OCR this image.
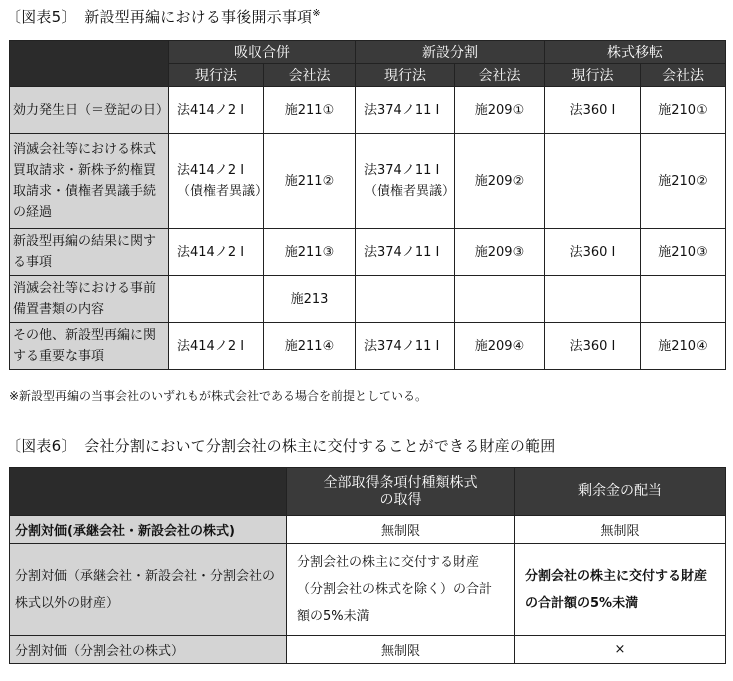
〔図表5〕　新設型再編における事後開示事項※
	吸収合併		新設分割		株式移転	
	現行法	会社法	現行法	会社法	現行法	会社法
効力発生日（＝登記の日）	法414ノ2 Ⅰ	施211①	法374ノ11 Ⅰ	施209①	法360 Ⅰ	施210①
消滅会社等における株式買取請求・新株予約権買取請求・債権者異議手続の経過	法414ノ2 Ⅰ（債権者異議）	施211②	法374ノ11 Ⅰ（債権者異議）	施209②		施210②
新設型再編の結果に関する事項	法414ノ2 Ⅰ	施211③	法374ノ11 Ⅰ	施209③	法360 Ⅰ	施210③
消滅会社等における事前備置書類の内容		施213				
その他、新設型再編に関する重要な事項	法414ノ2 Ⅰ	施211④	法374ノ11 Ⅰ	施209④	法360 Ⅰ	施210④
※新設型再編の当事会社のいずれもが株式会社である場合を前提としている。
〔図表6〕　会社分割において分割会社の株主に交付することができる財産の範囲
	全部取得条項付種類株式の取得	剰余金の配当
分割対価(承継会社・新設会社の株式)	無制限	無制限
分割対価（承継会社・新設会社・分割会社の株式以外の財産）	分割会社の株主に交付する財産（分割会社の株式を除く）の合計額の5%未満	分割会社の株主に交付する財産の合計額の5%未満
分割対価（分割会社の株式）	無制限	×
